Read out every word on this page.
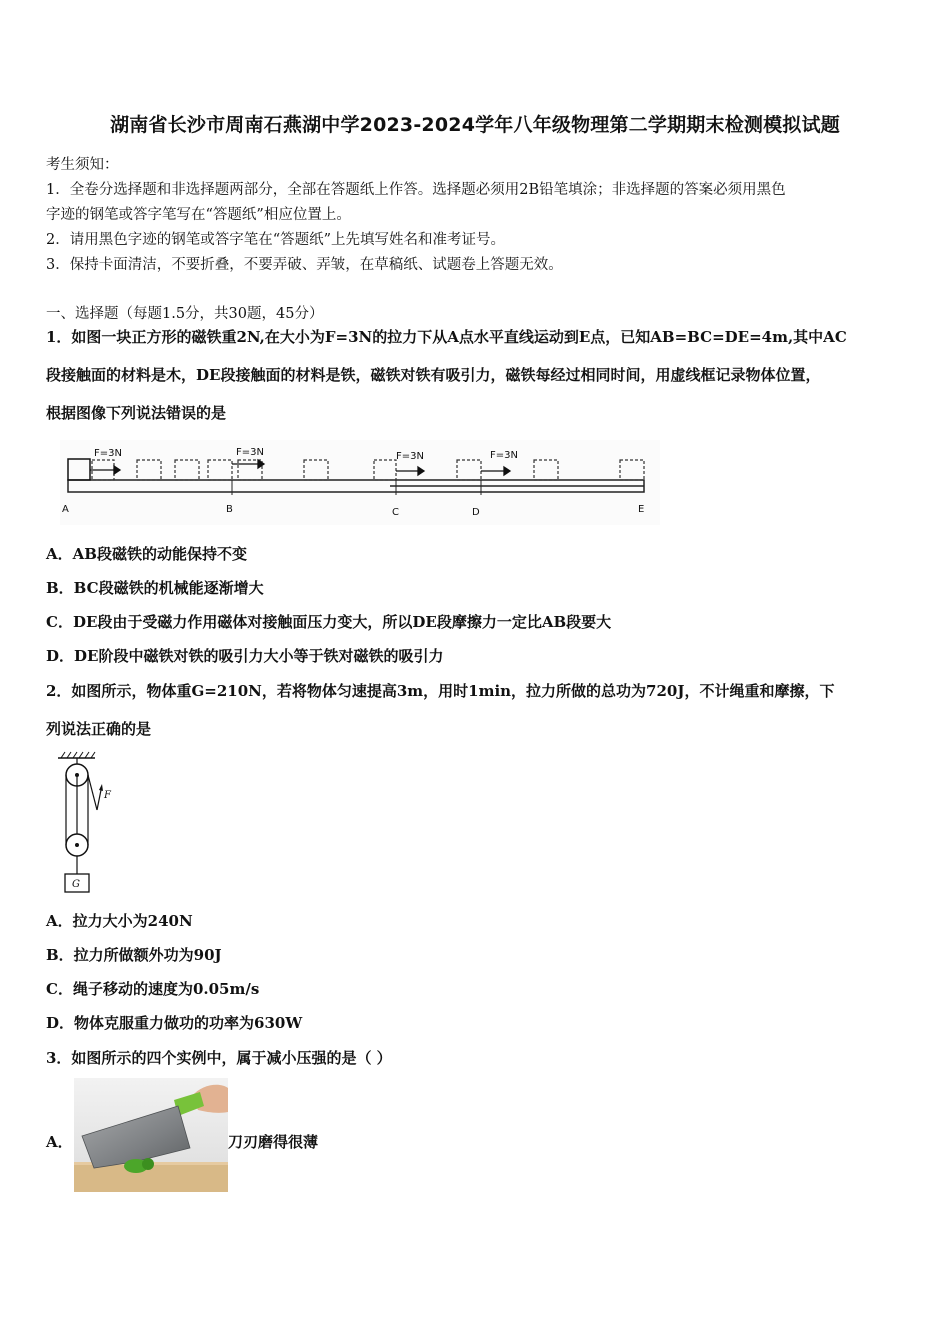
湖南省长沙市周南石燕湖中学2023-2024学年八年级物理第二学期期末检测模拟试题
考生须知：
1．全卷分选择题和非选择题两部分，全部在答题纸上作答。选择题必须用2B铅笔填涂；非选择题的答案必须用黑色
字迹的钢笔或答字笔写在“答题纸”相应位置上。
2．请用黑色字迹的钢笔或答字笔在“答题纸”上先填写姓名和准考证号。
3．保持卡面清洁，不要折叠，不要弄破、弄皱，在草稿纸、试题卷上答题无效。
一、选择题（每题1.5分，共30题，45分）
1．如图一块正方形的磁铁重2N,在大小为F=3N的拉力下从A点水平直线运动到E点，已知AB=BC=DE=4m,其中AC
段接触面的材料是木，DE段接触面的材料是铁，磁铁对铁有吸引力，磁铁每经过相同时间，用虚线框记录物体位置，
根据图像下列说法错误的是
F=3N	F=3N	F=3N	F=3N
A	B	C	D	E
A．AB段磁铁的动能保持不变
B．BC段磁铁的机械能逐渐增大
C．DE段由于受磁力作用磁体对接触面压力变大，所以DE段摩擦力一定比AB段要大
D．DE阶段中磁铁对铁的吸引力大小等于铁对磁铁的吸引力
2．如图所示，物体重G=210N，若将物体匀速提高3m，用时1min，拉力所做的总功为720J，不计绳重和摩擦，下
列说法正确的是
F
G
A．拉力大小为240N
B．拉力所做额外功为90J
C．绳子移动的速度为0.05m/s
D．物体克服重力做功的功率为630W
3．如图所示的四个实例中，属于减小压强的是（ ）
A．	刀刃磨得很薄
